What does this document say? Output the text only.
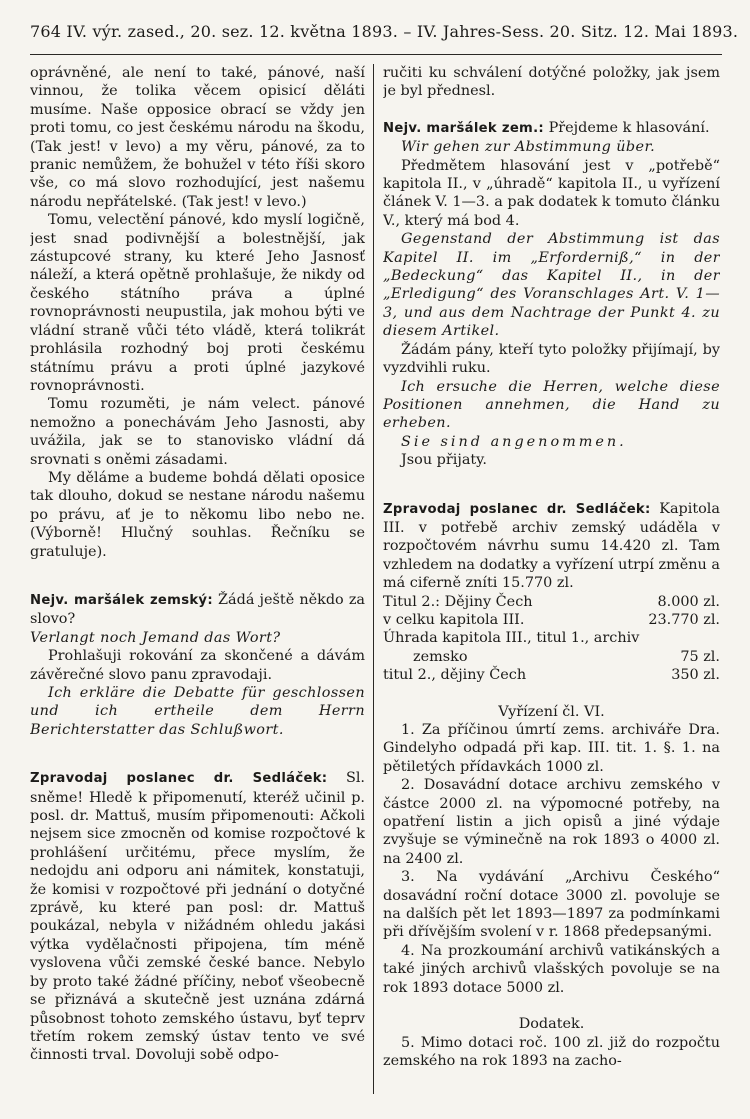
764 IV. výr. zased., 20. sez. 12. května 1893. – IV. Jahres-Sess. 20. Sitz. 12. Mai 1893.

oprávněné, ale není to také, pánové, naší vinnou, že tolika věcem opisicí děláti musíme. Naše opposice obrací se vždy jen proti tomu, co jest českému národu na škodu, (Tak jest! v levo) a my věru, pánové, za to pranic nemůžem, že bohužel v této říši skoro vše, co má slovo rozhodující, jest našemu národu nepřátelské. (Tak jest! v levo.)

Tomu, velectění pánové, kdo myslí logičně, jest snad podivnější a bolestnější, jak zástupcové strany, ku které Jeho Jasnosť náleží, a která opětně prohlašuje, že nikdy od českého státního práva a úplné rovnoprávnosti neupustila, jak mohou býti ve vládní straně vůči této vládě, která tolikrát prohlásila rozhodný boj proti českému státnímu právu a proti úplné jazykové rovnoprávnosti.

Tomu rozuměti, je nám velect. pánové nemožno a ponechávám Jeho Jasnosti, aby uvážila, jak se to stanovisko vládní dá srovnati s oněmi zásadami.

My děláme a budeme bohdá dělati oposice tak dlouho, dokud se nestane národu našemu po právu, ať je to někomu libo nebo ne. (Výborně! Hlučný souhlas. Řečníku se gratuluje).

Nejv. maršálek zemský: Žádá ještě někdo za slovo?

Verlangt noch Jemand das Wort?

Prohlašuji rokování za skončené a dávám závěrečné slovo panu zpravodaji.

Ich erkläre die Debatte für geschlossen und ich ertheile dem Herrn Berichterstatter das Schlußwort.

Zpravodaj poslanec dr. Sedláček: Sl. sněme! Hledě k připomenutí, kteréž učinil p. posl. dr. Mattuš, musím připomenouti: Ačkoli nejsem sice zmocněn od komise rozpočtové k prohlášení určitému, přece myslím, že nedojdu ani odporu ani námitek, konstatuji, že komisi v rozpočtové při jednání o dotyčné zprávě, ku které pan posl: dr. Mattuš poukázal, nebyla v nižádném ohledu jakási výtka vydělačnosti připojena, tím méně vyslovena vůči zemské české bance. Nebylo by proto také žádné příčiny, neboť všeobecně se přiznává a skutečně jest uznána zdárná působnost tohoto zemského ústavu, byť teprv třetím rokem zemský ústav tento ve své činnosti trval. Dovoluji sobě odpo-

ručiti ku schválení dotýčné položky, jak jsem je byl přednesl.

Nejv. maršálek zem.: Přejdeme k hlasování.

Wir gehen zur Abstimmung über.

Předmětem hlasování jest v „potřebě“ kapitola II., v „úhradě“ kapitola II., u vyřízení článek V. 1—3. a pak dodatek k tomuto článku V., který má bod 4.

Gegenstand der Abstimmung ist das Kapitel II. im „Erforderniß,“ in der „Bedeckung“ das Kapitel II., in der „Erledigung“ des Voranschlages Art. V. 1—3, und aus dem Nachtrage der Punkt 4. zu diesem Artikel.

Žádám pány, kteří tyto položky přijímají, by vyzdvihli ruku.

Ich ersuche die Herren, welche diese Positionen annehmen, die Hand zu erheben.

Sie sind angenommen.

Jsou přijaty.

Zpravodaj poslanec dr. Sedláček: Kapitola III. v potřebě archiv zemský udáděla v rozpočtovém návrhu sumu 14.420 zl. Tam vzhledem na dodatky a vyřízení utrpí změnu a má ciferně zníti 15.770 zl.

Titul 2.: Dějiny Čech	8.000 zl.
v celku kapitola III.	23.770 zl.

Úhrada kapitola III., titul 1., archiv

zemsko	75 zl.
titul 2., dějiny Čech	350 zl.

Vyřízení čl. VI.

1. Za příčinou úmrtí zems. archiváře Dra. Gindelyho odpadá při kap. III. tit. 1. §. 1. na pětiletých přídavkách 1000 zl.

2. Dosavádní dotace archivu zemského v částce 2000 zl. na výpomocné potřeby, na opatření listin a jich opisů a jiné výdaje zvyšuje se výminečně na rok 1893 o 4000 zl. na 2400 zl.

3. Na vydávání „Archivu Českého“ dosavádní roční dotace 3000 zl. povoluje se na dalších pět let 1893—1897 za podmínkami při dřívějším svolení v r. 1868 předepsanými.

4. Na prozkoumání archivů vatikánských a také jiných archivů vlašských povoluje se na rok 1893 dotace 5000 zl.

Dodatek.

5. Mimo dotaci roč. 100 zl. již do rozpočtu zemského na rok 1893 na zacho-
